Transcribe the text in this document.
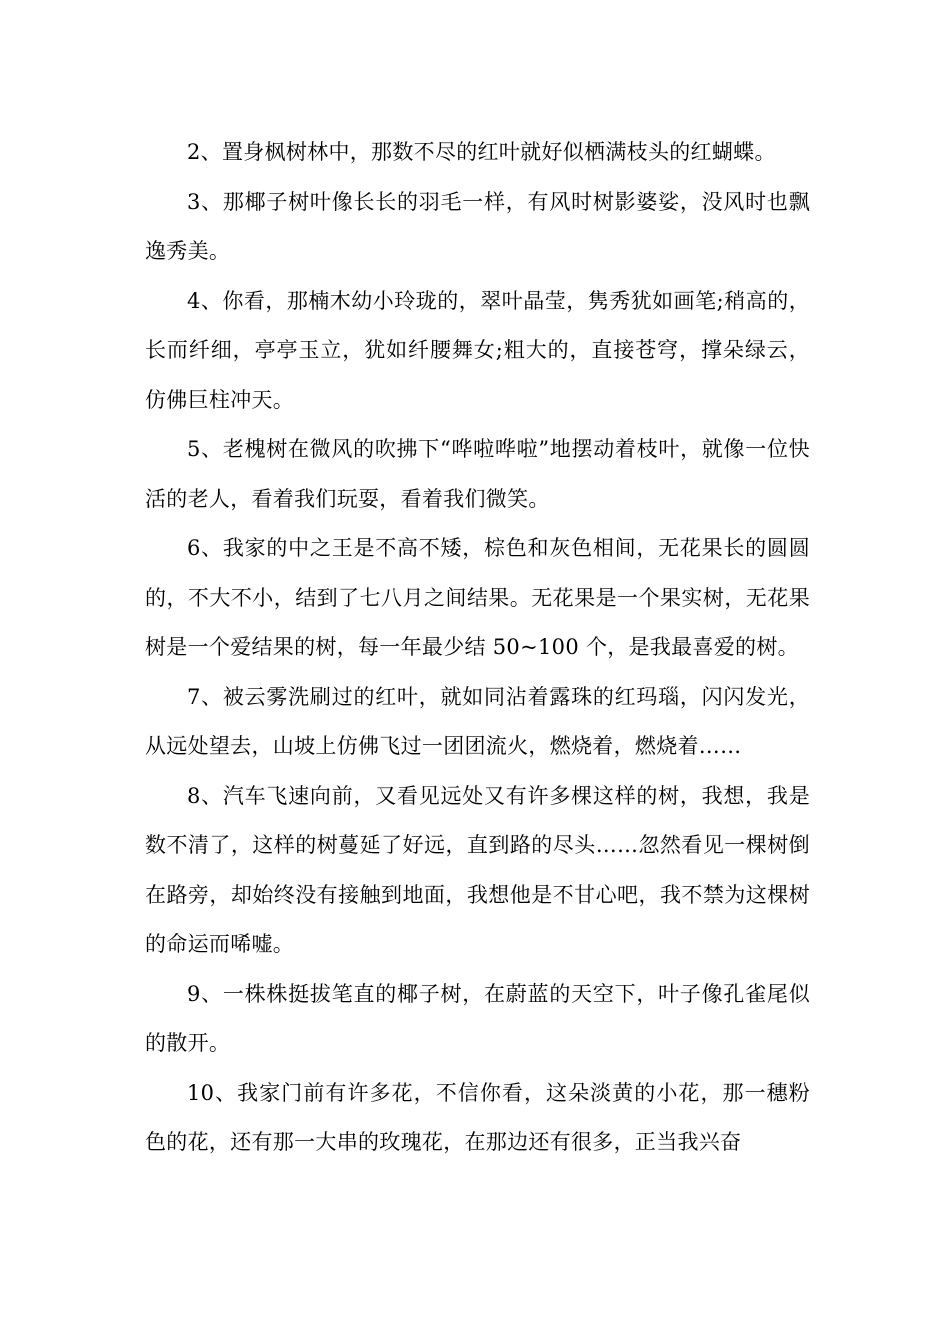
2、置身枫树林中，那数不尽的红叶就好似栖满枝头的红蝴蝶。

3、那椰子树叶像长长的羽毛一样，有风时树影婆娑，没风时也飘逸秀美。

4、你看，那楠木幼小玲珑的，翠叶晶莹，隽秀犹如画笔;稍高的，长而纤细，亭亭玉立，犹如纤腰舞女;粗大的，直接苍穹，撑朵绿云，仿佛巨柱冲天。

5、老槐树在微风的吹拂下“哗啦哗啦”地摆动着枝叶，就像一位快活的老人，看着我们玩耍，看着我们微笑。

6、我家的中之王是不高不矮，棕色和灰色相间，无花果长的圆圆的，不大不小，结到了七八月之间结果。无花果是一个果实树，无花果树是一个爱结果的树，每一年最少结 50~100 个，是我最喜爱的树。

7、被云雾洗刷过的红叶，就如同沾着露珠的红玛瑙，闪闪发光，从远处望去，山坡上仿佛飞过一团团流火，燃烧着，燃烧着……

8、汽车飞速向前，又看见远处又有许多棵这样的树，我想，我是数不清了，这样的树蔓延了好远，直到路的尽头……忽然看见一棵树倒在路旁，却始终没有接触到地面，我想他是不甘心吧，我不禁为这棵树的命运而唏嘘。

9、一株株挺拔笔直的椰子树，在蔚蓝的天空下，叶子像孔雀尾似的散开。

10、我家门前有许多花，不信你看，这朵淡黄的小花，那一穗粉色的花，还有那一大串的玫瑰花，在那边还有很多，正当我兴奋
